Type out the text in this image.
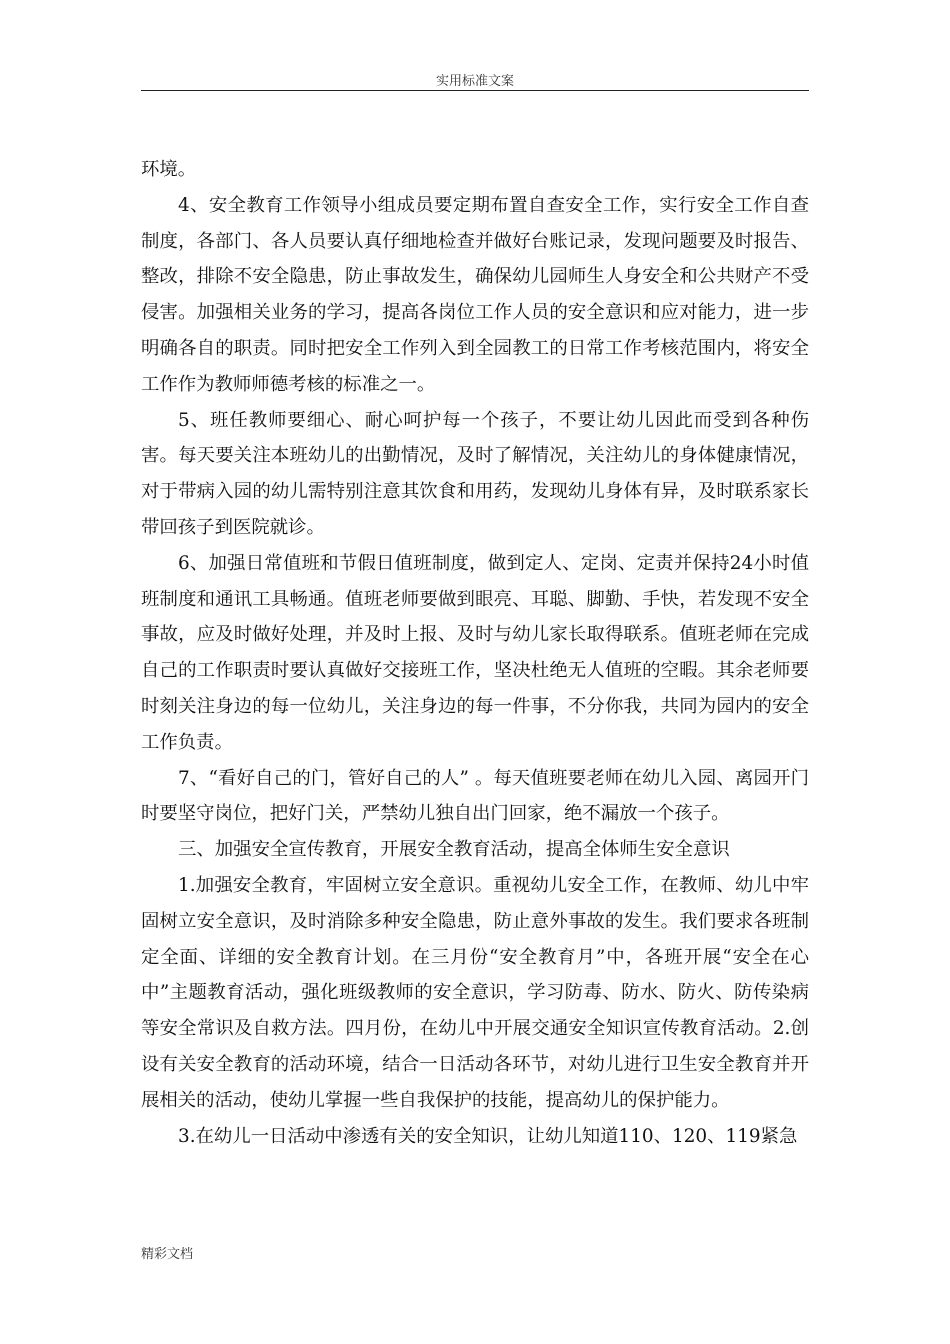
实用标准文案

环境。

4、安全教育工作领导小组成员要定期布置自查安全工作，实行安全工作自查制度，各部门、各人员要认真仔细地检查并做好台账记录，发现问题要及时报告、整改，排除不安全隐患，防止事故发生，确保幼儿园师生人身安全和公共财产不受侵害。加强相关业务的学习，提高各岗位工作人员的安全意识和应对能力，进一步明确各自的职责。同时把安全工作列入到全园教工的日常工作考核范围内，将安全工作作为教师师德考核的标准之一。

5、班任教师要细心、耐心呵护每一个孩子，不要让幼儿因此而受到各种伤害。每天要关注本班幼儿的出勤情况，及时了解情况，关注幼儿的身体健康情况，对于带病入园的幼儿需特别注意其饮食和用药，发现幼儿身体有异，及时联系家长带回孩子到医院就诊。

6、加强日常值班和节假日值班制度，做到定人、定岗、定责并保持24小时值班制度和通讯工具畅通。值班老师要做到眼亮、耳聪、脚勤、手快，若发现不安全事故，应及时做好处理，并及时上报、及时与幼儿家长取得联系。值班老师在完成自己的工作职责时要认真做好交接班工作，坚决杜绝无人值班的空暇。其余老师要时刻关注身边的每一位幼儿，关注身边的每一件事，不分你我，共同为园内的安全工作负责。

7、“看好自己的门，管好自己的人” 。每天值班要老师在幼儿入园、离园开门时要坚守岗位，把好门关，严禁幼儿独自出门回家，绝不漏放一个孩子。

三、加强安全宣传教育，开展安全教育活动，提高全体师生安全意识

1.加强安全教育，牢固树立安全意识。重视幼儿安全工作，在教师、幼儿中牢固树立安全意识，及时消除多种安全隐患，防止意外事故的发生。我们要求各班制定全面、详细的安全教育计划。在三月份“安全教育月”中，各班开展“安全在心中”主题教育活动，强化班级教师的安全意识，学习防毒、防水、防火、防传染病等安全常识及自救方法。四月份，在幼儿中开展交通安全知识宣传教育活动。2.创设有关安全教育的活动环境，结合一日活动各环节，对幼儿进行卫生安全教育并开展相关的活动，使幼儿掌握一些自我保护的技能，提高幼儿的保护能力。

3.在幼儿一日活动中渗透有关的安全知识，让幼儿知道110、120、119紧急

精彩文档
